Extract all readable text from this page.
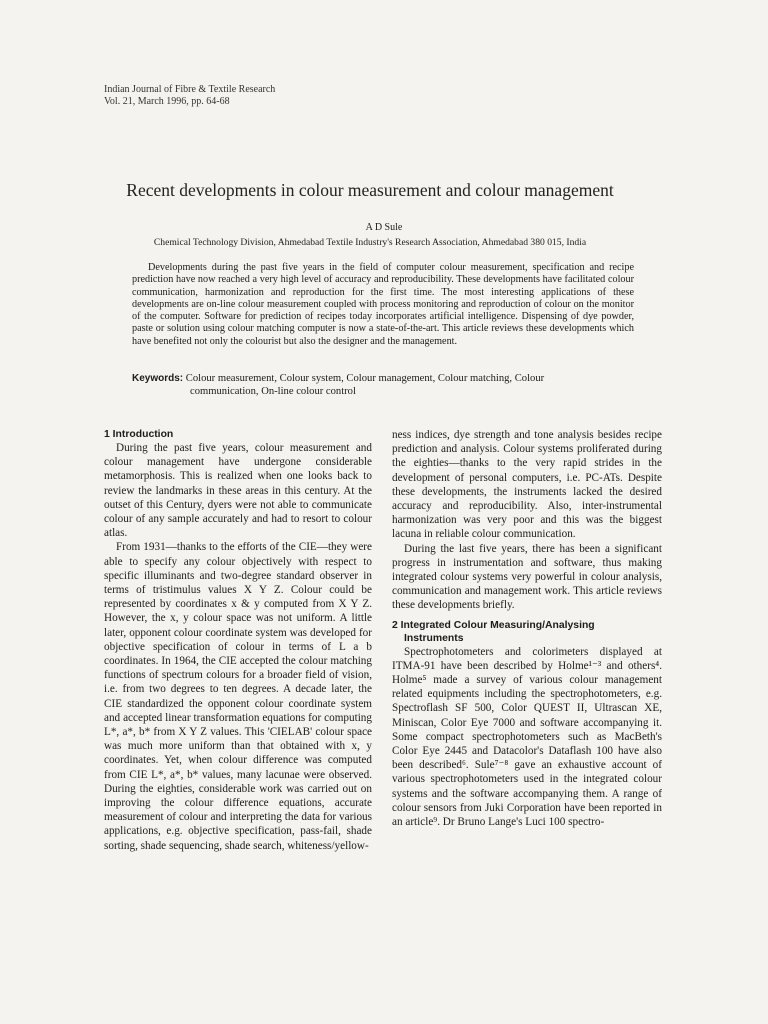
Indian Journal of Fibre & Textile Research
Vol. 21, March 1996, pp. 64-68
Recent developments in colour measurement and colour management
A D Sule
Chemical Technology Division, Ahmedabad Textile Industry's Research Association, Ahmedabad 380 015, India

Developments during the past five years in the field of computer colour measurement, specification and recipe prediction have now reached a very high level of accuracy and reproducibility. These developments have facilitated colour communication, harmonization and reproduction for the first time. The most interesting applications of these developments are on-line colour measurement coupled with process monitoring and reproduction of colour on the monitor of the computer. Software for prediction of recipes today incorporates artificial intelligence. Dispensing of dye powder, paste or solution using colour matching computer is now a state-of-the-art. This article reviews these developments which have benefited not only the colourist but also the designer and the management.

Keywords: Colour measurement, Colour system, Colour management, Colour matching, Colour
communication, On-line colour control
1 Introduction

During the past five years, colour measurement and colour management have undergone considerable metamorphosis. This is realized when one looks back to review the landmarks in these areas in this century. At the outset of this Century, dyers were not able to communicate colour of any sample accurately and had to resort to colour atlas.

From 1931—thanks to the efforts of the CIE—they were able to specify any colour objectively with respect to specific illuminants and two-degree standard observer in terms of tristimulus values X Y Z. Colour could be represented by coordinates x & y computed from X Y Z. However, the x, y colour space was not uniform. A little later, opponent colour coordinate system was developed for objective specification of colour in terms of L a b coordinates. In 1964, the CIE accepted the colour matching functions of spectrum colours for a broader field of vision, i.e. from two degrees to ten degrees. A decade later, the CIE standardized the opponent colour coordinate system and accepted linear transformation equations for computing L*, a*, b* from X Y Z values. This 'CIELAB' colour space was much more uniform than that obtained with x, y coordinates. Yet, when colour difference was computed from CIE L*, a*, b* values, many lacunae were observed. During the eighties, considerable work was carried out on improving the colour difference equations, accurate measurement of colour and interpreting the data for various applications, e.g. objective specification, pass-fail, shade sorting, shade sequencing, shade search, whiteness/yellow-

ness indices, dye strength and tone analysis besides recipe prediction and analysis. Colour systems proliferated during the eighties—thanks to the very rapid strides in the development of personal computers, i.e. PC-ATs. Despite these developments, the instruments lacked the desired accuracy and reproducibility. Also, inter-instrumental harmonization was very poor and this was the biggest lacuna in reliable colour communication.

During the last five years, there has been a significant progress in instrumentation and software, thus making integrated colour systems very powerful in colour analysis, communication and management work. This article reviews these developments briefly.

2 Integrated Colour Measuring/Analysing
Instruments

Spectrophotometers and colorimeters displayed at ITMA-91 have been described by Holme¹⁻³ and others⁴. Holme⁵ made a survey of various colour management related equipments including the spectrophotometers, e.g. Spectroflash SF 500, Color QUEST II, Ultrascan XE, Miniscan, Color Eye 7000 and software accompanying it. Some compact spectrophotometers such as MacBeth's Color Eye 2445 and Datacolor's Dataflash 100 have also been described⁶. Sule⁷⁻⁸ gave an exhaustive account of various spectrophotometers used in the integrated colour systems and the software accompanying them. A range of colour sensors from Juki Corporation have been reported in an article⁹. Dr Bruno Lange's Luci 100 spectro-
